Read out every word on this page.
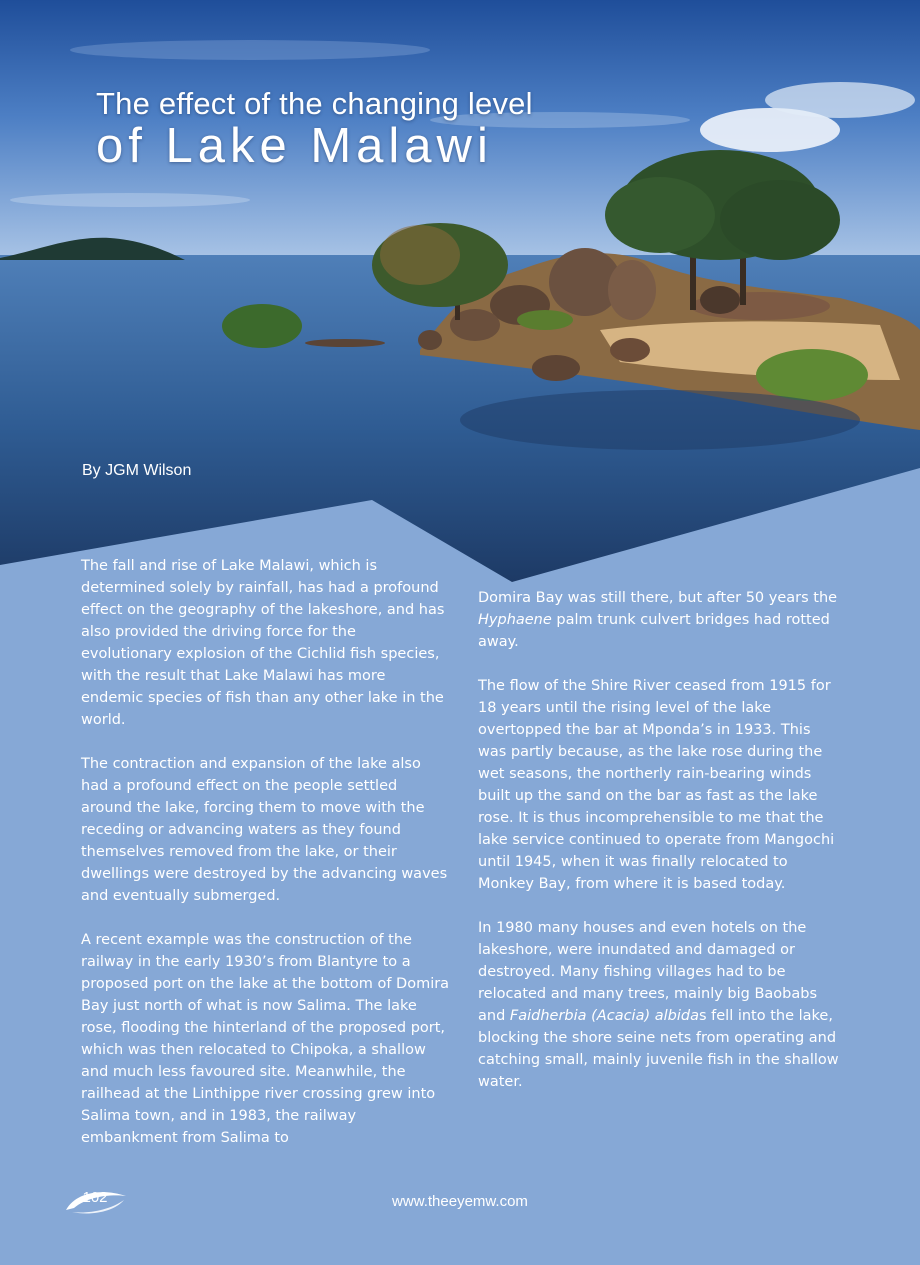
The effect of the changing level
of Lake Malawi
By JGM Wilson

The fall and rise of Lake Malawi, which is determined solely by rainfall, has had a profound effect on the geography of the lakeshore, and has also provided the driving force for the evolutionary explosion of the Cichlid fish species, with the result that Lake Malawi has more endemic species of fish than any other lake in the world.

The contraction and expansion of the lake also had a profound effect on the people settled around the lake, forcing them to move with the receding or advancing waters as they found themselves removed from the lake, or their dwellings were destroyed by the advancing waves and eventually submerged.

A recent example was the construction of the railway in the early 1930’s from Blantyre to a proposed port on the lake at the bottom of Domira Bay just north of what is now Salima. The lake rose, flooding the hinterland of the proposed port, which was then relocated to Chipoka, a shallow and much less favoured site. Meanwhile, the railhead at the Linthippe river crossing grew into Salima town, and in 1983, the railway embankment from Salima to

Domira Bay was still there, but after 50 years the Hyphaene palm trunk culvert bridges had rotted away.

The flow of the Shire River ceased from 1915 for 18 years until the rising level of the lake overtopped the bar at Mponda’s in 1933. This was partly because, as the lake rose during the wet seasons, the northerly rain-bearing winds built up the sand on the bar as fast as the lake rose. It is thus incomprehensible to me that the lake service continued to operate from Mangochi until 1945, when it was finally relocated to Monkey Bay, from where it is based today.

In 1980 many houses and even hotels on the lakeshore, were inundated and damaged or destroyed. Many fishing villages had to be relocated and many trees, mainly big Baobabs and Faidherbia (Acacia) albidas fell into the lake, blocking the shore seine nets from operating and catching small, mainly juvenile fish in the shallow water.

102	www.theeyemw.com
